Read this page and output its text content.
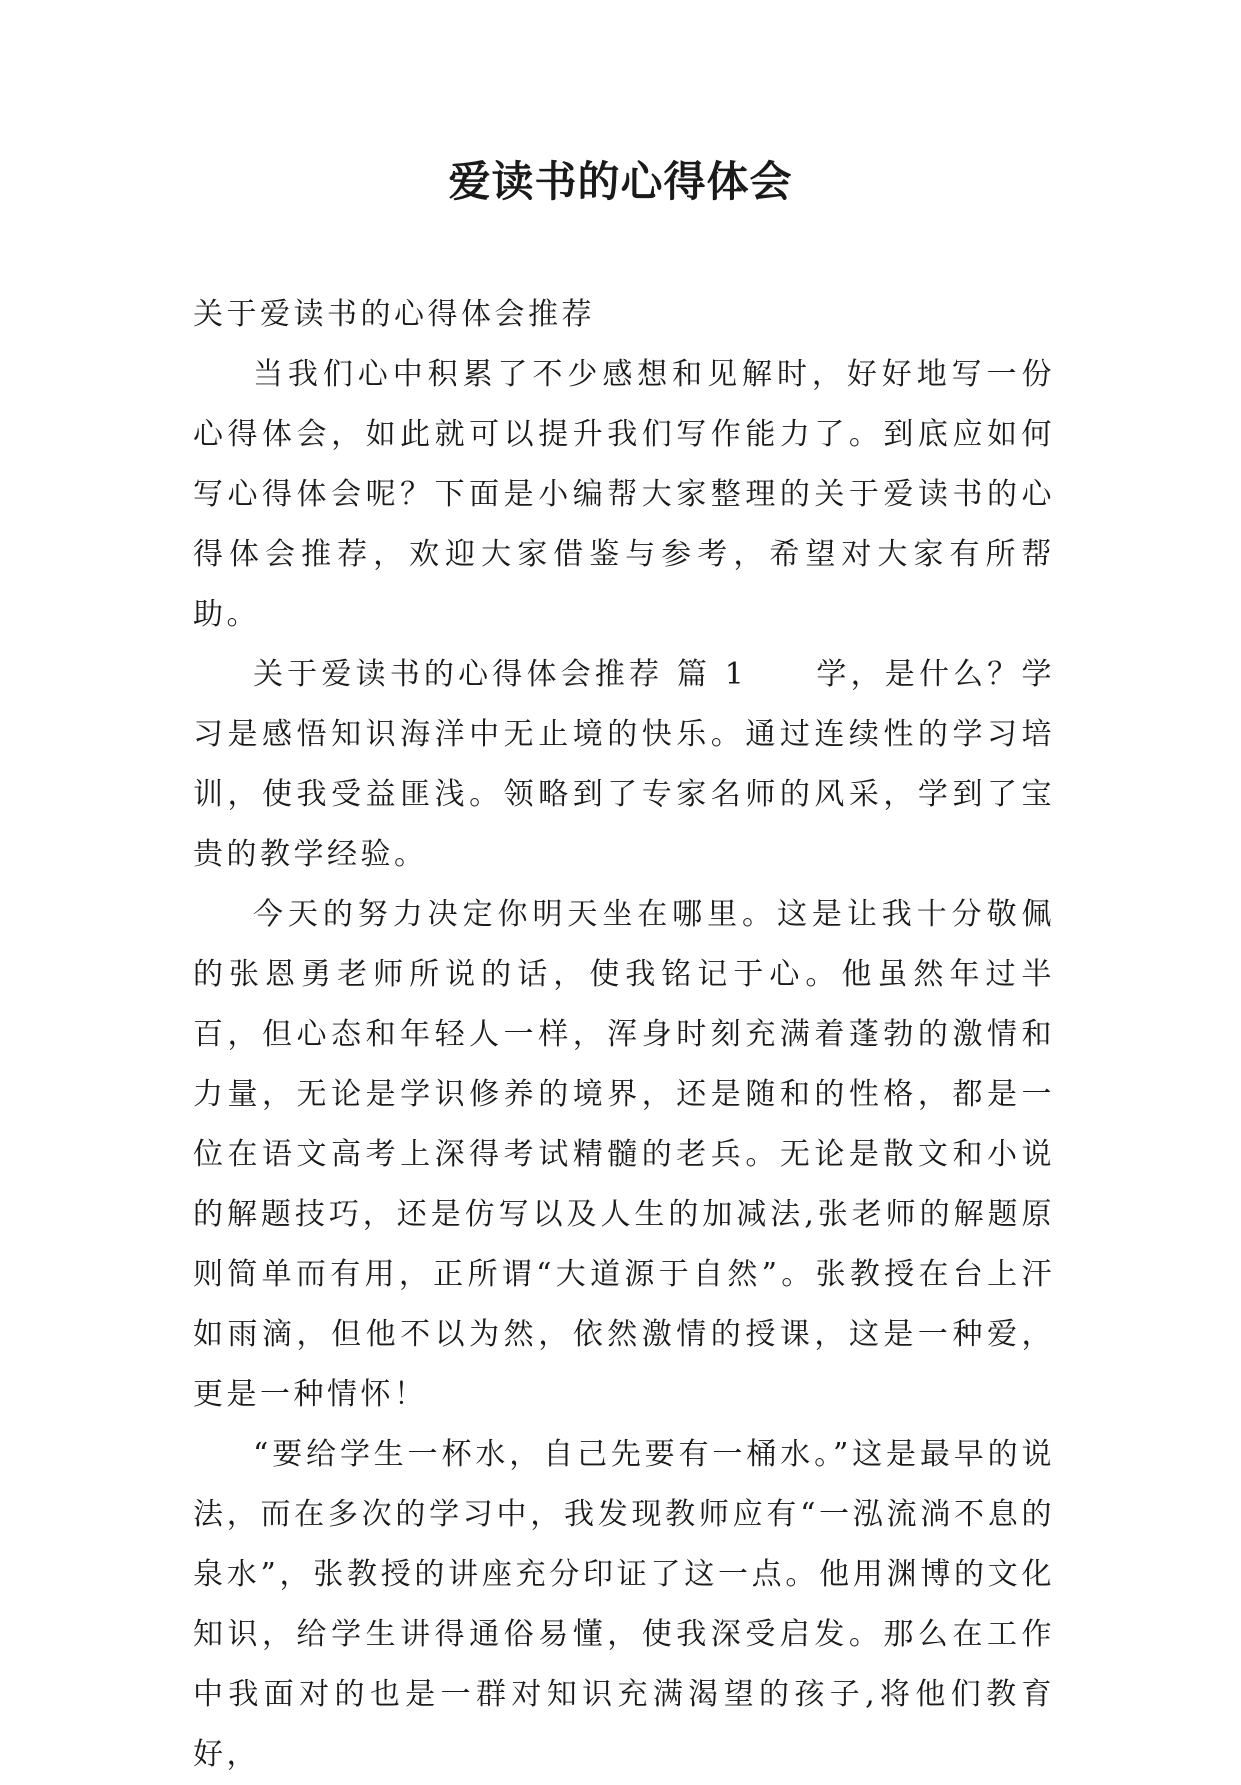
爱读书的心得体会

关于爱读书的心得体会推荐

当我们心中积累了不少感想和见解时，好好地写一份心得体会，如此就可以提升我们写作能力了。到底应如何写心得体会呢？下面是小编帮大家整理的关于爱读书的心得体会推荐，欢迎大家借鉴与参考，希望对大家有所帮助。

关于爱读书的心得体会推荐 篇 1　　学，是什么？学习是感悟知识海洋中无止境的快乐。通过连续性的学习培训，使我受益匪浅。领略到了专家名师的风采，学到了宝贵的教学经验。

今天的努力决定你明天坐在哪里。这是让我十分敬佩的张恩勇老师所说的话，使我铭记于心。他虽然年过半百，但心态和年轻人一样，浑身时刻充满着蓬勃的激情和力量，无论是学识修养的境界，还是随和的性格，都是一位在语文高考上深得考试精髓的老兵。无论是散文和小说的解题技巧，还是仿写以及人生的加减法,张老师的解题原则简单而有用，正所谓“大道源于自然”。张教授在台上汗如雨滴，但他不以为然，依然激情的授课，这是一种爱，更是一种情怀！

“要给学生一杯水，自己先要有一桶水。”这是最早的说法，而在多次的学习中，我发现教师应有“一泓流淌不息的泉水”，张教授的讲座充分印证了这一点。他用渊博的文化知识，给学生讲得通俗易懂，使我深受启发。那么在工作中我面对的也是一群对知识充满渴望的孩子,将他们教育好，
